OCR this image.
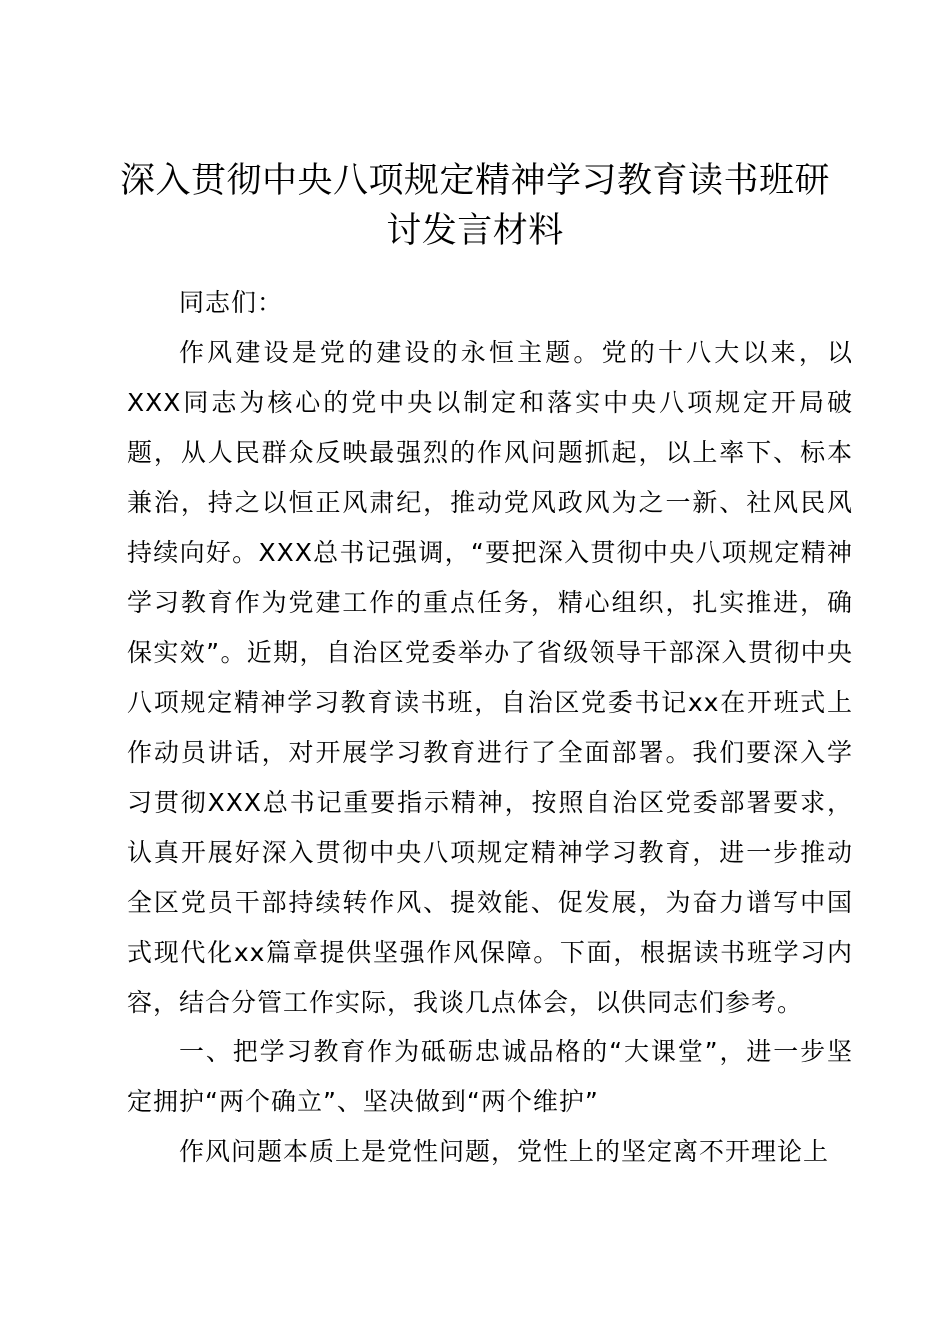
深入贯彻中央八项规定精神学习教育读书班研讨发言材料

同志们：

作风建设是党的建设的永恒主题。党的十八大以来，以XXX同志为核心的党中央以制定和落实中央八项规定开局破题，从人民群众反映最强烈的作风问题抓起，以上率下、标本兼治，持之以恒正风肃纪，推动党风政风为之一新、社风民风持续向好。XXX总书记强调，“要把深入贯彻中央八项规定精神学习教育作为党建工作的重点任务，精心组织，扎实推进，确保实效”。近期，自治区党委举办了省级领导干部深入贯彻中央八项规定精神学习教育读书班，自治区党委书记xx在开班式上作动员讲话，对开展学习教育进行了全面部署。我们要深入学习贯彻XXX总书记重要指示精神，按照自治区党委部署要求，认真开展好深入贯彻中央八项规定精神学习教育，进一步推动全区党员干部持续转作风、提效能、促发展，为奋力谱写中国式现代化xx篇章提供坚强作风保障。下面，根据读书班学习内容，结合分管工作实际，我谈几点体会，以供同志们参考。

一、把学习教育作为砥砺忠诚品格的“大课堂”，进一步坚定拥护“两个确立”、坚决做到“两个维护”

作风问题本质上是党性问题，党性上的坚定离不开理论上
